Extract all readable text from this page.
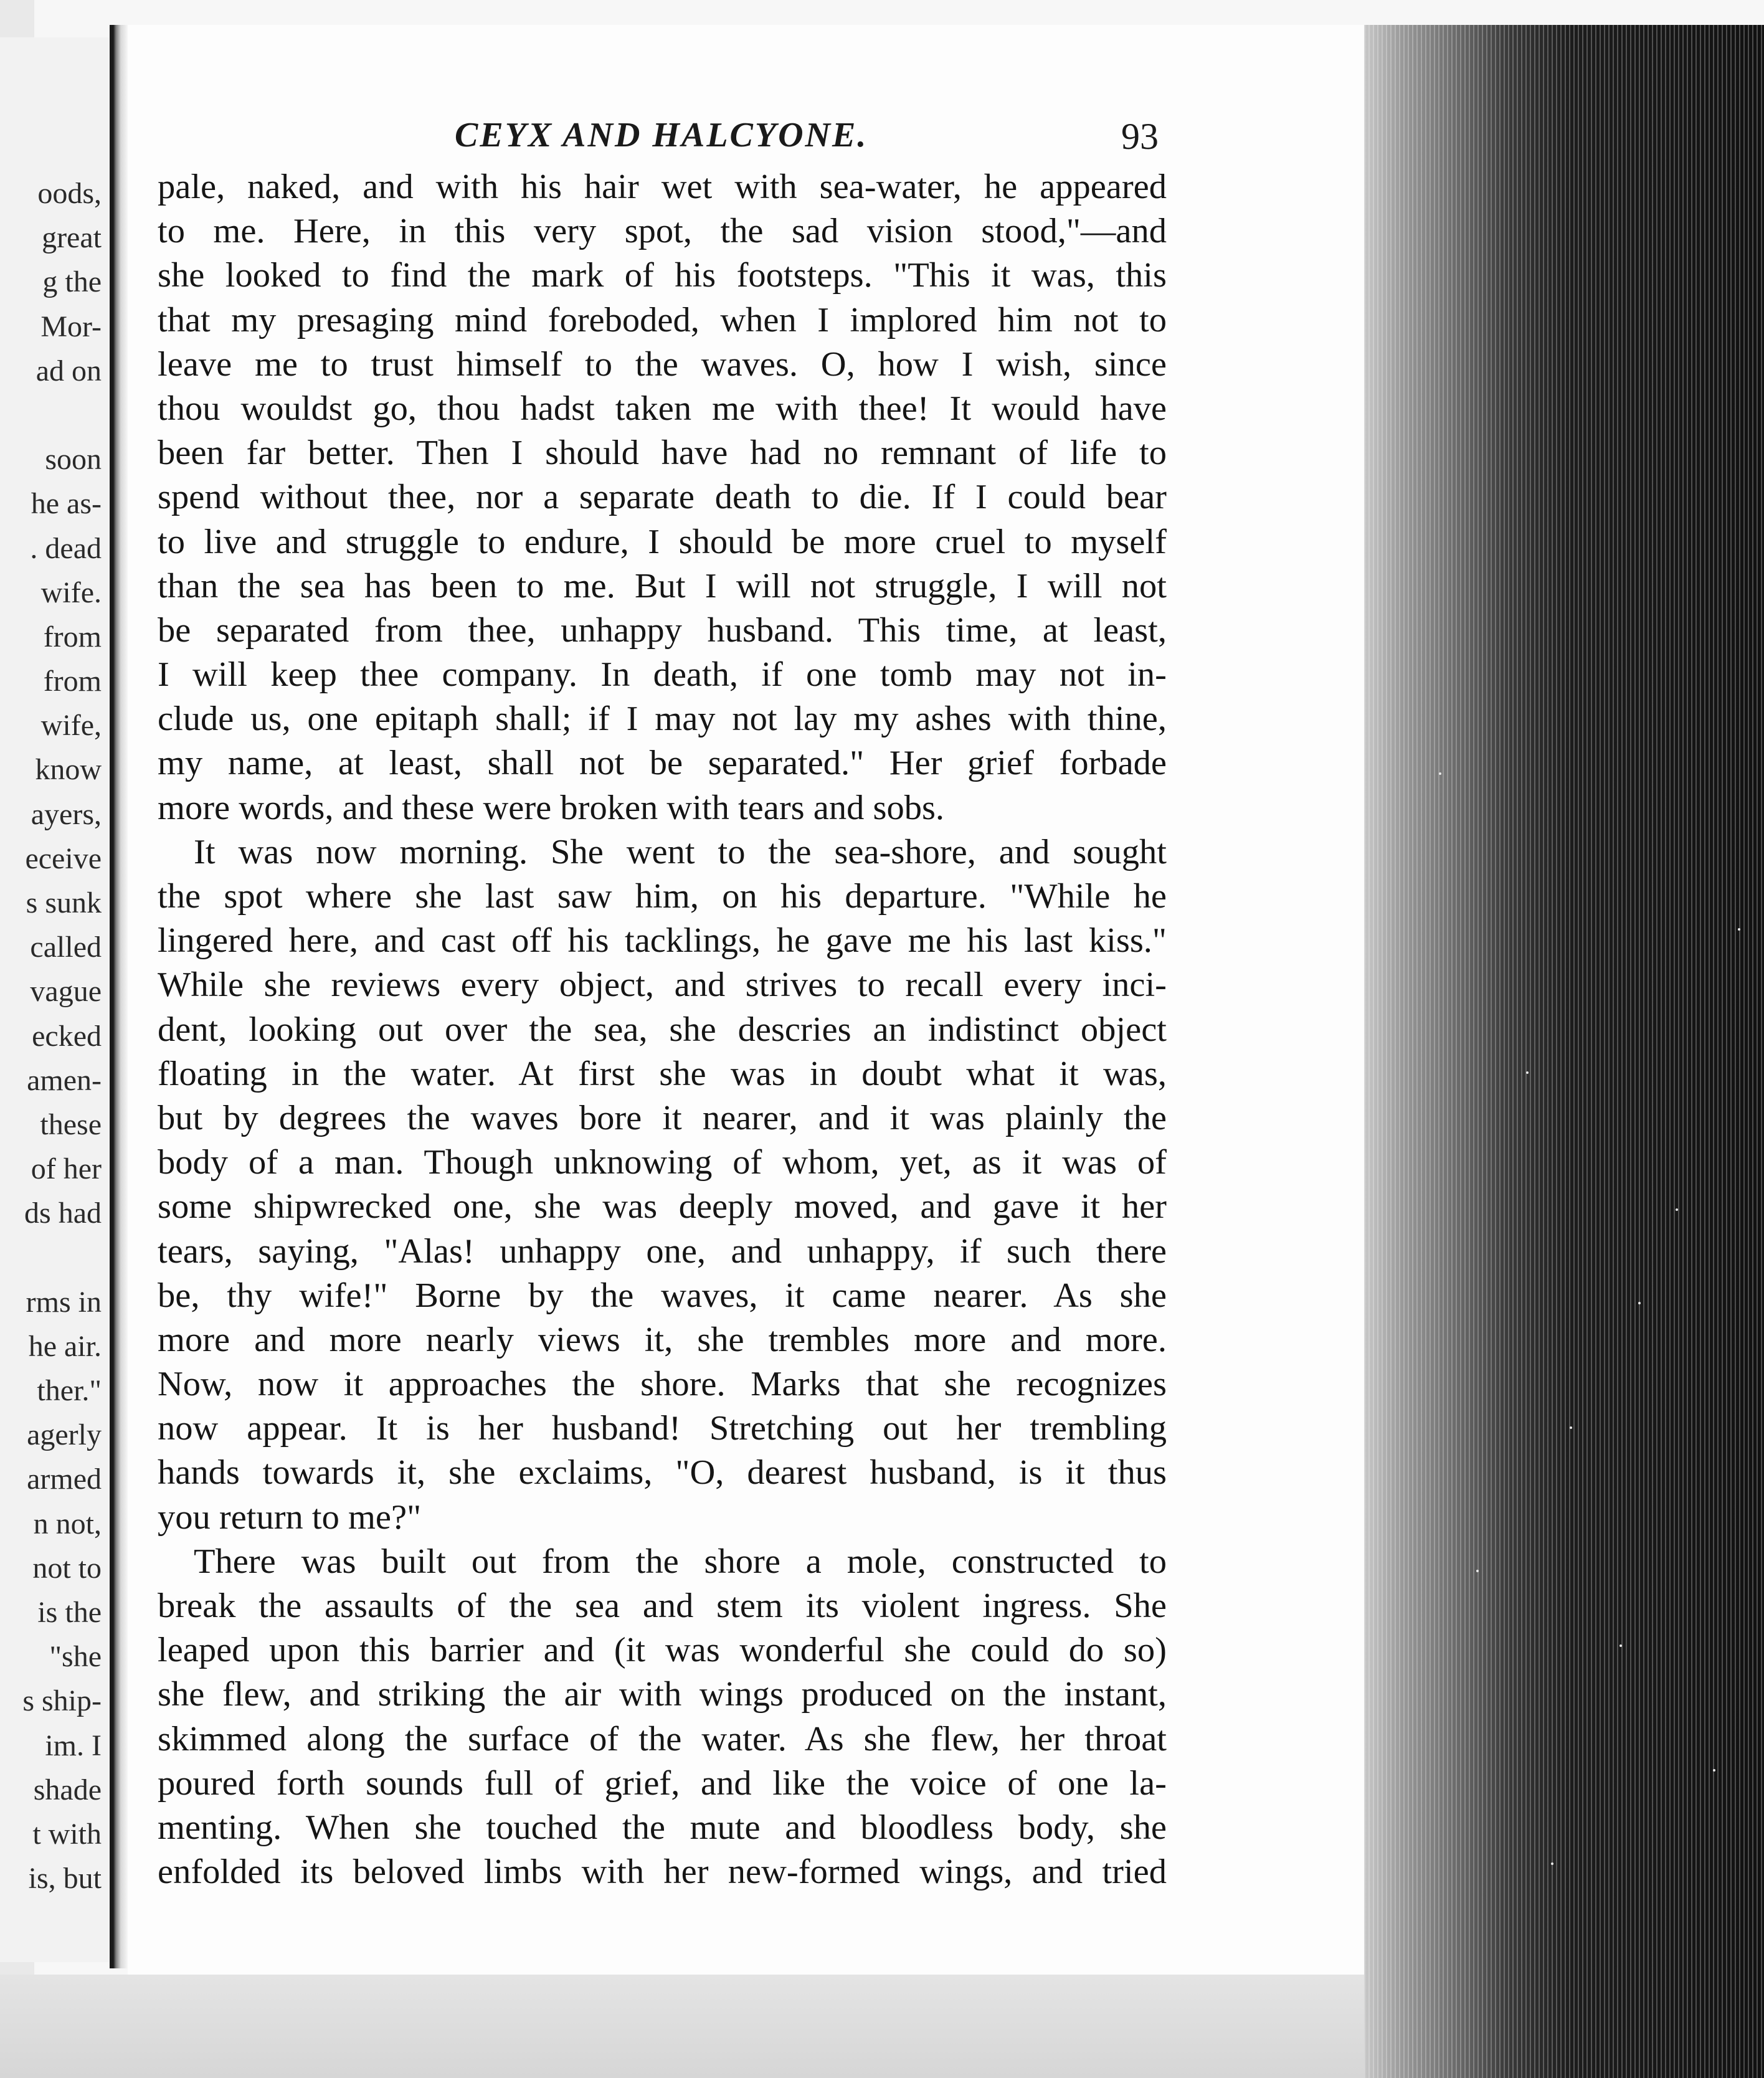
oods,
great
g the
Mor-
ad on
soon
he as-
. dead
wife.
from
from
wife,
know
ayers,
eceive
s sunk
called
vague
ecked
amen-
these
of her
ds had
rms in
he air.
ther."
agerly
armed
n not,
not to
is the
"she
s ship-
im. I
shade
t with
is, but
CEYX AND HALCYONE.	93
pale, naked, and with his hair wet with sea-water, he appeared
to me. Here, in this very spot, the sad vision stood,"—and
she looked to find the mark of his footsteps. "This it was, this
that my presaging mind foreboded, when I implored him not to
leave me to trust himself to the waves. O, how I wish, since
thou wouldst go, thou hadst taken me with thee! It would have
been far better. Then I should have had no remnant of life to
spend without thee, nor a separate death to die. If I could bear
to live and struggle to endure, I should be more cruel to myself
than the sea has been to me. But I will not struggle, I will not
be separated from thee, unhappy husband. This time, at least,
I will keep thee company. In death, if one tomb may not in-
clude us, one epitaph shall; if I may not lay my ashes with thine,
my name, at least, shall not be separated." Her grief forbade
more words, and these were broken with tears and sobs.
It was now morning. She went to the sea-shore, and sought
the spot where she last saw him, on his departure. "While he
lingered here, and cast off his tacklings, he gave me his last kiss."
While she reviews every object, and strives to recall every inci-
dent, looking out over the sea, she descries an indistinct object
floating in the water. At first she was in doubt what it was,
but by degrees the waves bore it nearer, and it was plainly the
body of a man. Though unknowing of whom, yet, as it was of
some shipwrecked one, she was deeply moved, and gave it her
tears, saying, "Alas! unhappy one, and unhappy, if such there
be, thy wife!" Borne by the waves, it came nearer. As she
more and more nearly views it, she trembles more and more.
Now, now it approaches the shore. Marks that she recognizes
now appear. It is her husband! Stretching out her trembling
hands towards it, she exclaims, "O, dearest husband, is it thus
you return to me?"
There was built out from the shore a mole, constructed to
break the assaults of the sea and stem its violent ingress. She
leaped upon this barrier and (it was wonderful she could do so)
she flew, and striking the air with wings produced on the instant,
skimmed along the surface of the water. As she flew, her throat
poured forth sounds full of grief, and like the voice of one la-
menting. When she touched the mute and bloodless body, she
enfolded its beloved limbs with her new-formed wings, and tried
